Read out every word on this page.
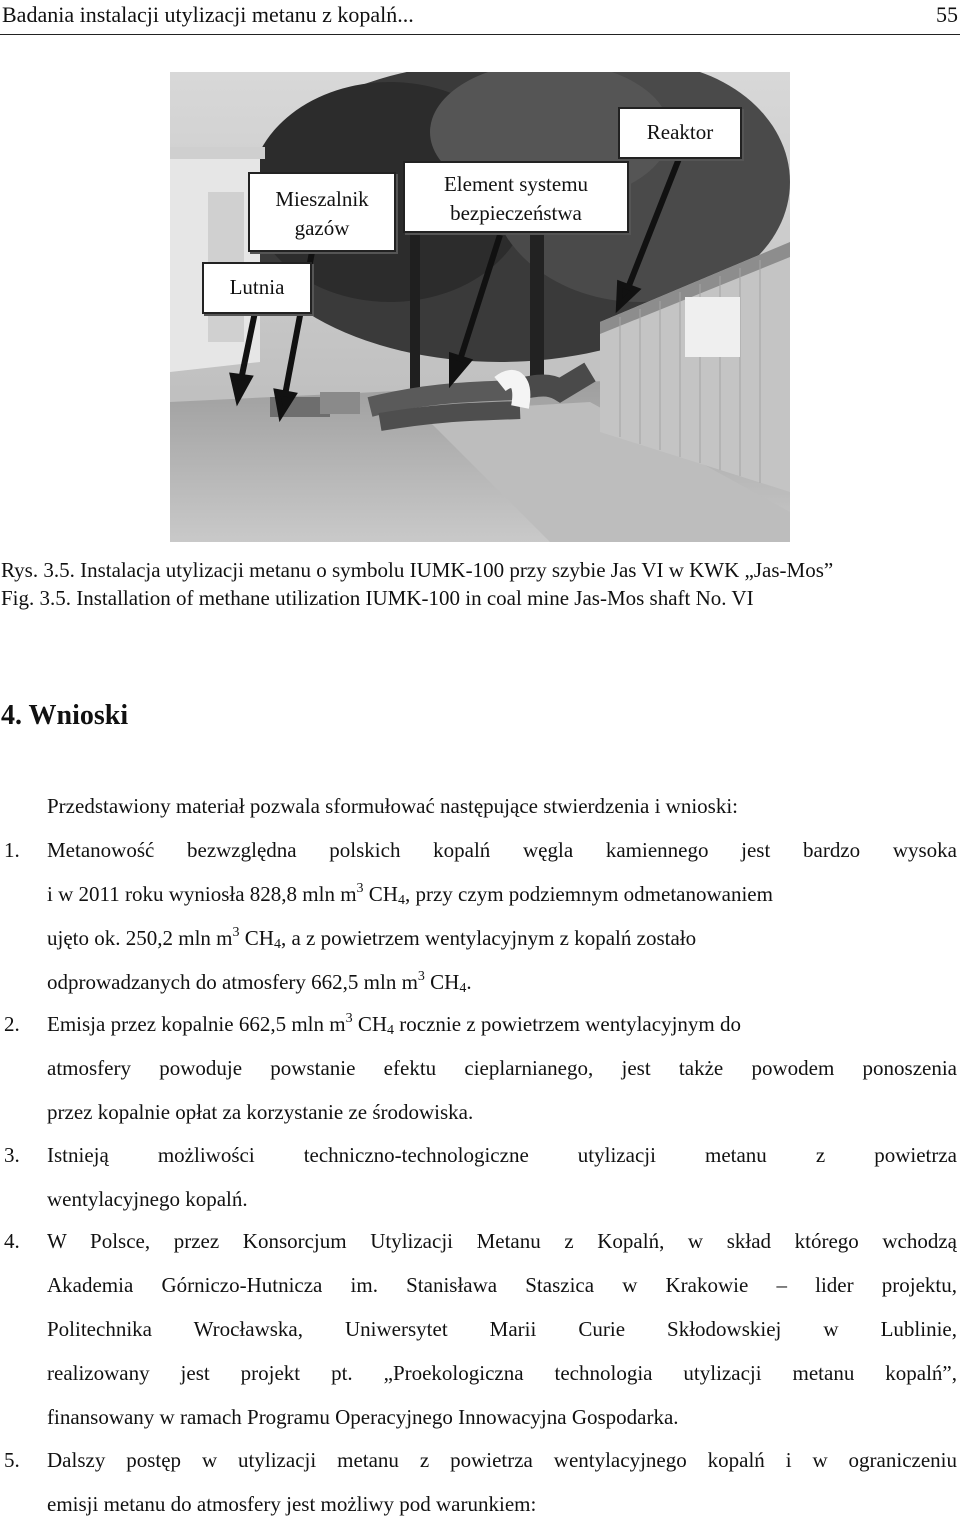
Badania instalacji utylizacji metanu z kopalń...	55
Lutnia
Mieszalnik
gazów
Element systemu
bezpieczeństwa
Reaktor
Rys. 3.5. Instalacja utylizacji metanu o symbolu IUMK-100 przy szybie Jas VI w KWK „Jas-Mos”
Fig. 3.5. Installation of methane utilization IUMK-100 in coal mine Jas-Mos shaft No. VI
4. Wnioski
Przedstawiony materiał pozwala sformułować następujące stwierdzenia i wnioski:
1. Metanowość bezwzględna polskich kopalń węgla kamiennego jest bardzo wysoka
i w 2011 roku wyniosła 828,8 mln $m^3$ $CH_4$, przy czym podziemnym odmetanowaniem
ujęto ok. 250,2 mln $m^3$ $CH_4$, a z powietrzem wentylacyjnym z kopalń zostało
odprowadzanych do atmosfery 662,5 mln $m^3$ $CH_4$.
2. Emisja przez kopalnie 662,5 mln $m^3$ $CH_4$ rocznie z powietrzem wentylacyjnym do
atmosfery powoduje powstanie efektu cieplarnianego, jest także powodem ponoszenia
przez kopalnie opłat za korzystanie ze środowiska.
3. Istnieją możliwości techniczno-technologiczne utylizacji metanu z powietrza
wentylacyjnego kopalń.
4. W Polsce, przez Konsorcjum Utylizacji Metanu z Kopalń, w skład którego wchodzą
Akademia Górniczo-Hutnicza im. Stanisława Staszica w Krakowie – lider projektu,
Politechnika Wrocławska, Uniwersytet Marii Curie Skłodowskiej w Lublinie,
realizowany jest projekt pt. „Proekologiczna technologia utylizacji metanu kopalń”,
finansowany w ramach Programu Operacyjnego Innowacyjna Gospodarka.
5. Dalszy postęp w utylizacji metanu z powietrza wentylacyjnego kopalń i w ograniczeniu
emisji metanu do atmosfery jest możliwy pod warunkiem:
